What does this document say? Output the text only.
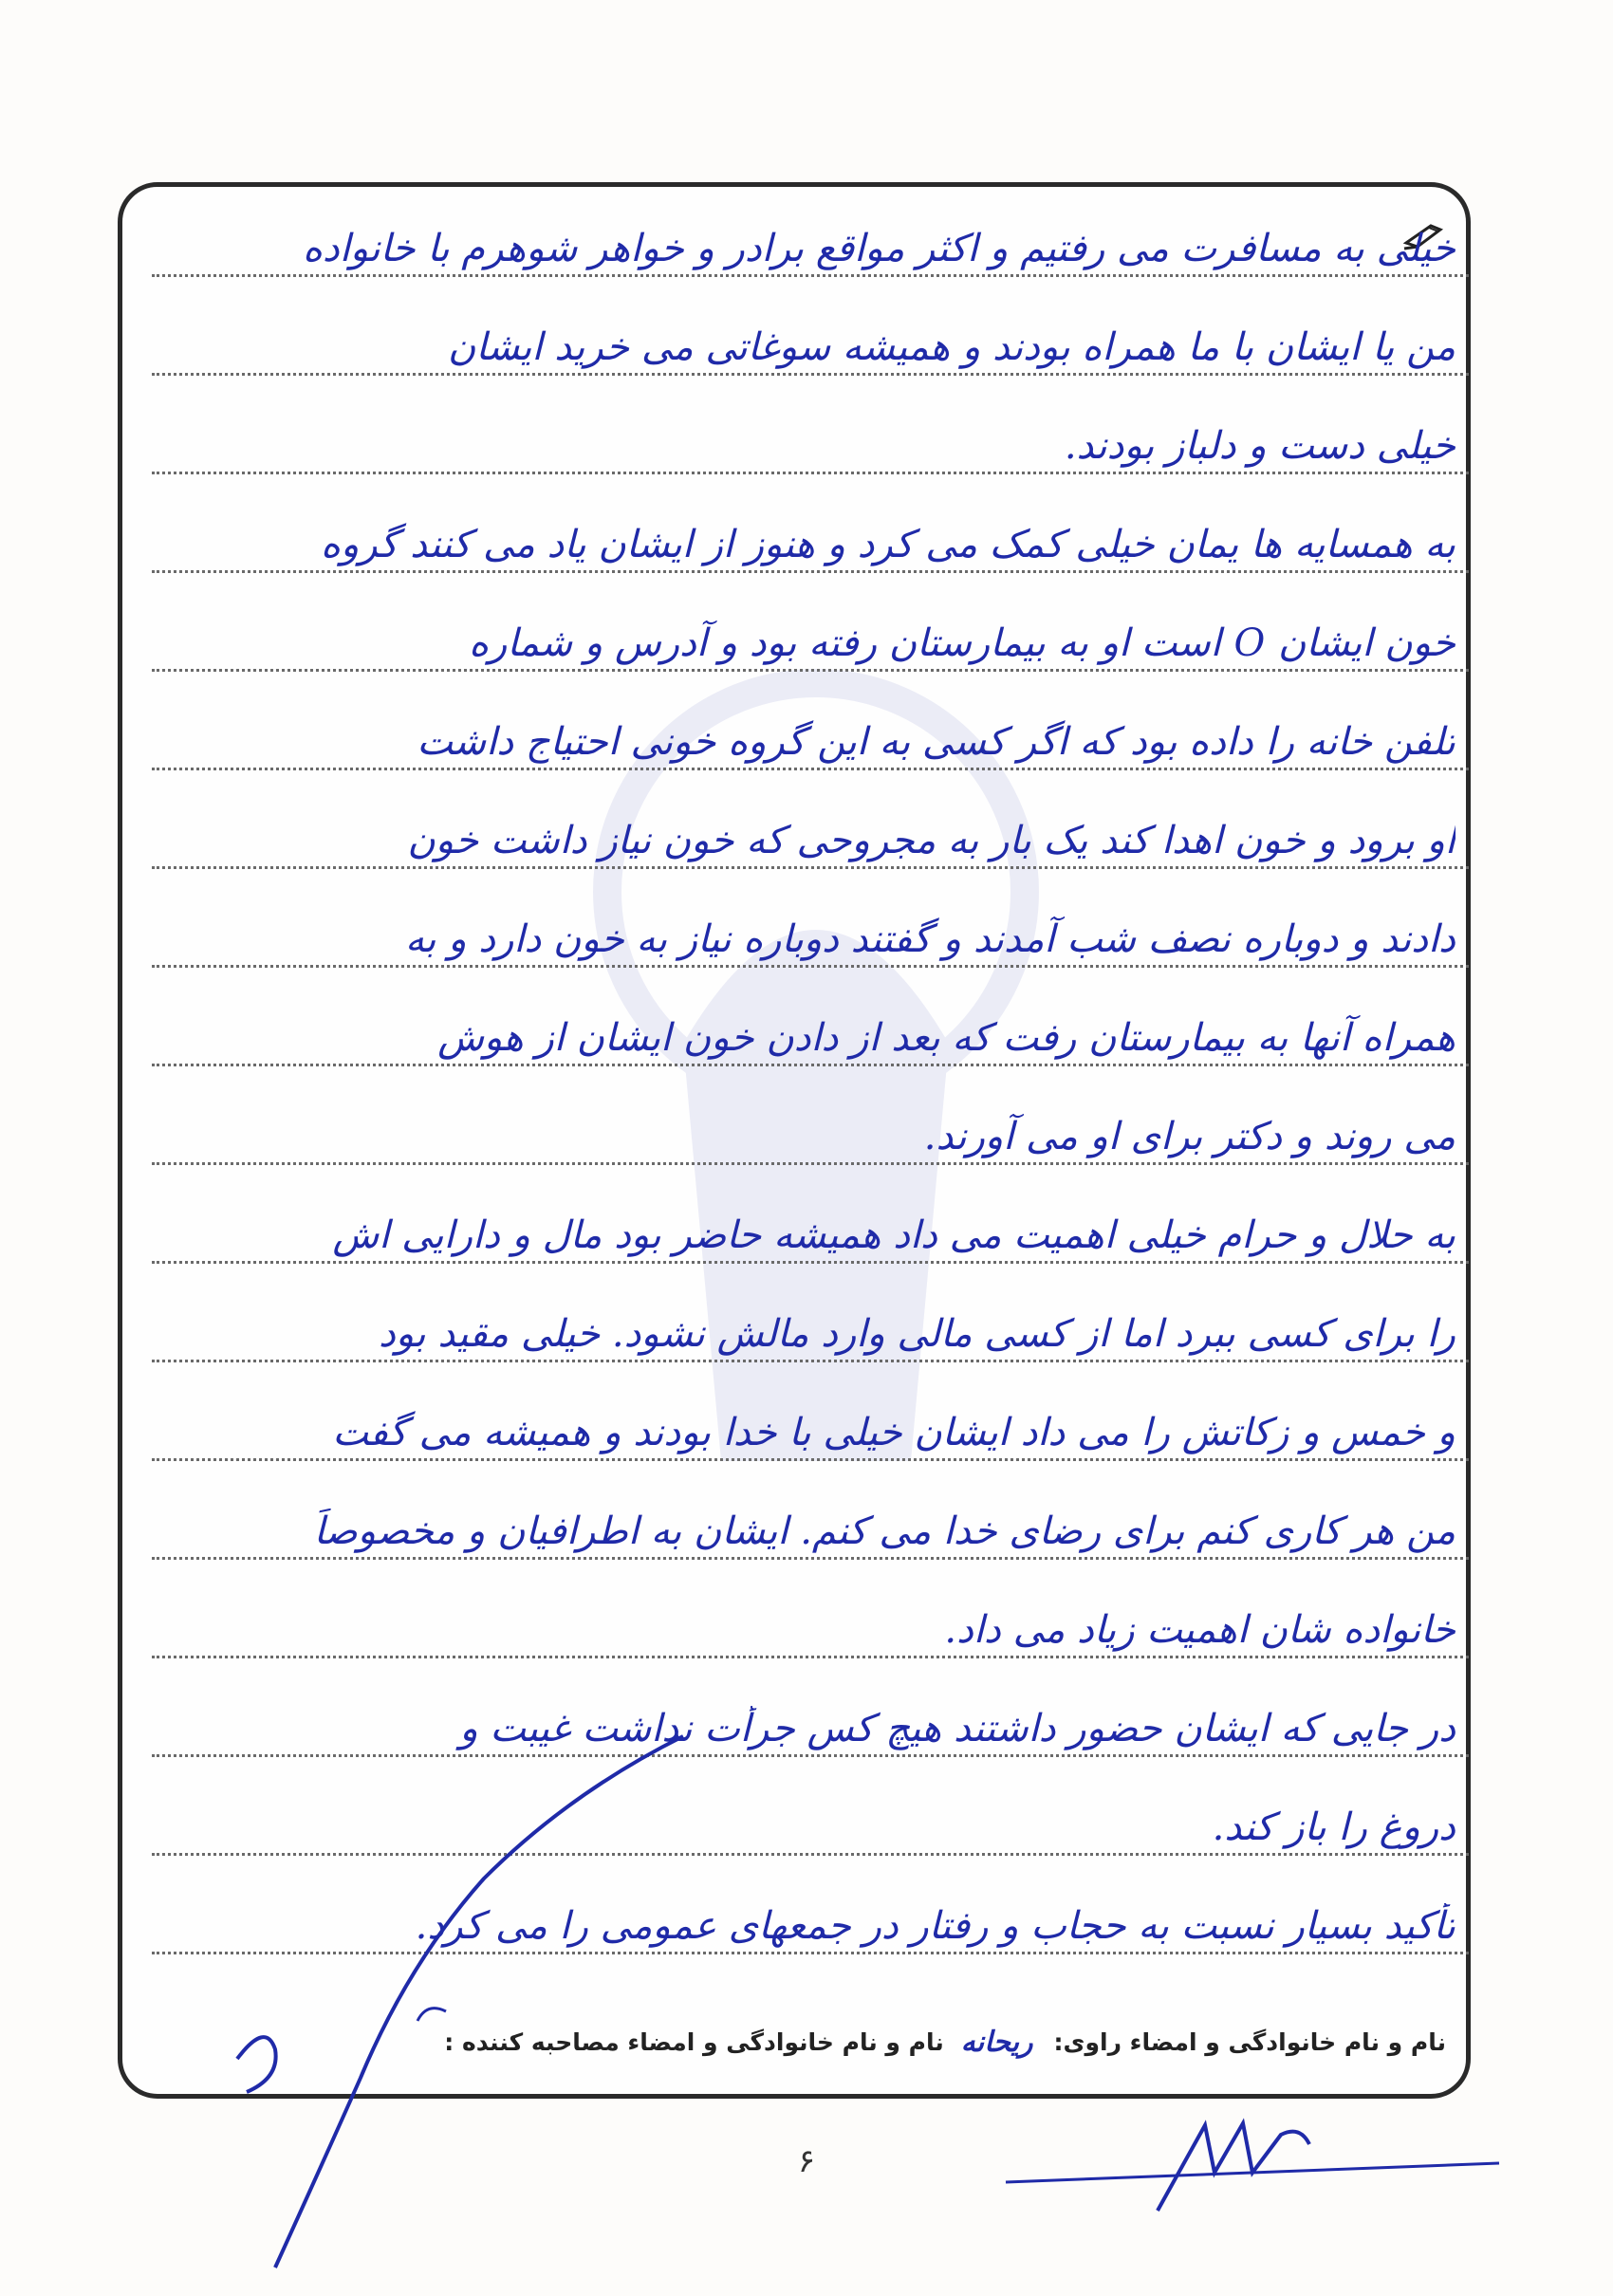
خیلی به مسافرت می رفتیم و اکثر مواقع برادر و خواهر شوهرم با خانواده
من یا ایشان با ما همراه بودند و همیشه سوغاتی می خرید ایشان
خیلی دست و دلباز بودند.
به همسایه ها یمان خیلی کمک می کرد و هنوز از ایشان یاد می کنند گروه
خون ایشان O است او به بیمارستان رفته بود و آدرس و شماره
تلفن خانه را داده بود که اگر کسی به این گروه خونی احتیاج داشت
او برود و خون اهدا کند یک بار به مجروحی که خون نیاز داشت خون
دادند و دوباره نصف شب آمدند و گفتند دوباره نیاز به خون دارد و به
همراه آنها به بیمارستان رفت که بعد از دادن خون ایشان از هوش
می روند و دکتر برای او می آورند.
به حلال و حرام خیلی اهمیت می داد همیشه حاضر بود مال و دارایی اش
را برای کسی ببرد اما از کسی مالی وارد مالش نشود. خیلی مقید بود
و خمس و زکاتش را می داد ایشان خیلی با خدا بودند و همیشه می گفت
من هر کاری کنم برای رضای خدا می کنم. ایشان به اطرافیان و مخصوصاً
خانواده شان اهمیت زیاد می داد.
در جایی که ایشان حضور داشتند هیچ کس جرأت نداشت غیبت و
دروغ را باز کند.
تأکید بسیار نسبت به حجاب و رفتار در جمعهای عمومی را می کرد.
نام و نام خانوادگی و امضاء راوی:
ریحانه
نام و نام خانوادگی و امضاء مصاحبه کننده :
۶
